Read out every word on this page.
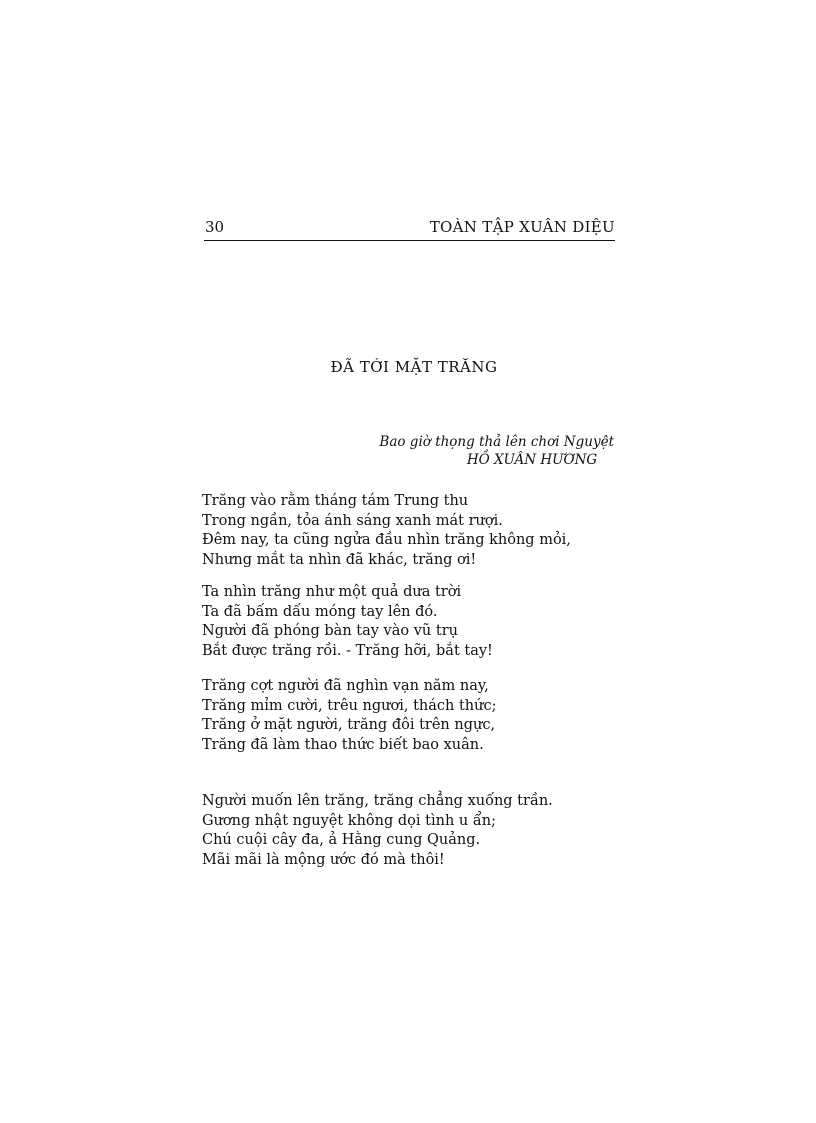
30	TOÀN TẬP XUÂN DIỆU
ĐÃ TỚI MẶT TRĂNG
Bao giờ thọng thả lên chơi Nguyệt
HỒ XUÂN HƯƠNG
Trăng vào rằm tháng tám Trung thu
Trong ngần, tỏa ánh sáng xanh mát rượi.
Đêm nay, ta cũng ngửa đầu nhìn trăng không mỏi,
Nhưng mắt ta nhìn đã khác, trăng ơi!
Ta nhìn trăng như một quả dưa trời
Ta đã bấm dấu móng tay lên đó.
Người đã phóng bàn tay vào vũ trụ
Bắt được trăng rồi. - Trăng hỡi, bắt tay!
Trăng cợt người đã nghìn vạn năm nay,
Trăng mỉm cười, trêu ngươi, thách thức;
Trăng ở mặt người, trăng đôi trên ngực,
Trăng đã làm thao thức biết bao xuân.
Người muốn lên trăng, trăng chẳng xuống trần.
Gương nhật nguyệt không dọi tình u ẩn;
Chú cuội cây đa, ả Hằng cung Quảng.
Mãi mãi là mộng ước đó mà thôi!
